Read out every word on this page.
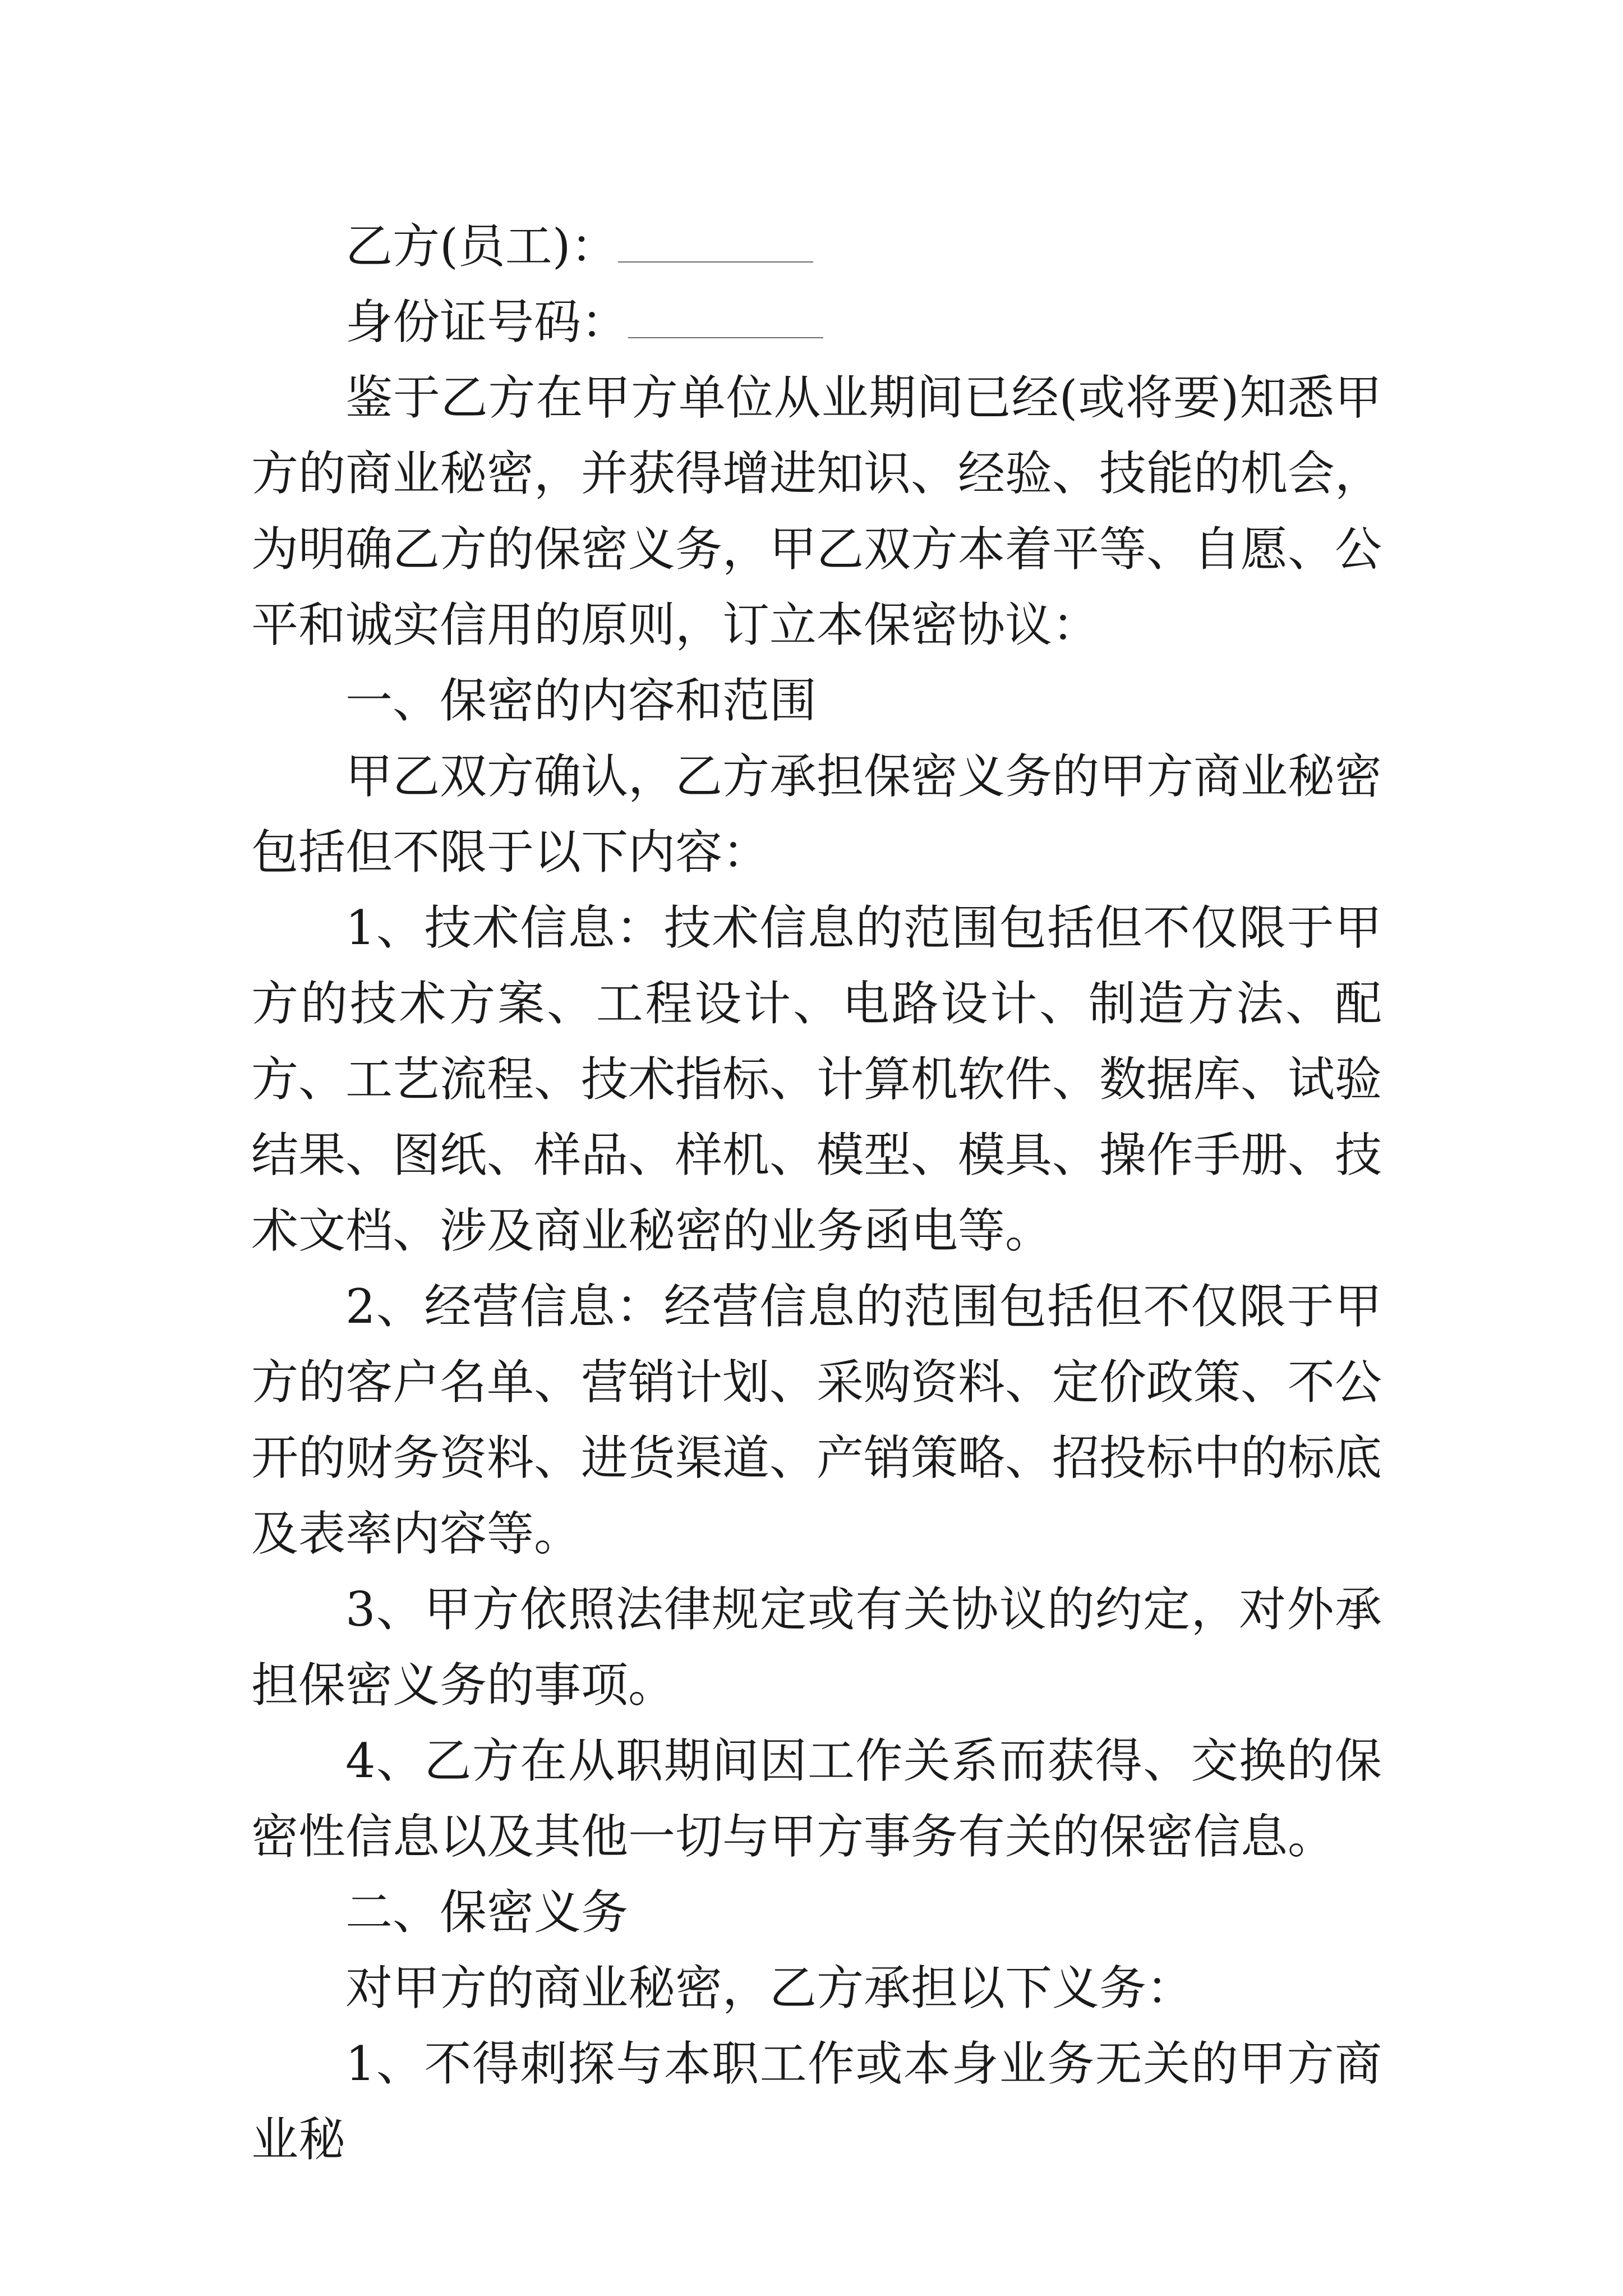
乙方(员工)：
身份证号码：

鉴于乙方在甲方单位从业期间已经(或将要)知悉甲方的商业秘密，并获得增进知识、经验、技能的机会，为明确乙方的保密义务，甲乙双方本着平等、自愿、公平和诚实信用的原则，订立本保密协议：

一、保密的内容和范围

甲乙双方确认，乙方承担保密义务的甲方商业秘密包括但不限于以下内容：

1、技术信息：技术信息的范围包括但不仅限于甲方的技术方案、工程设计、电路设计、制造方法、配方、工艺流程、技术指标、计算机软件、数据库、试验结果、图纸、样品、样机、模型、模具、操作手册、技术文档、涉及商业秘密的业务函电等。

2、经营信息：经营信息的范围包括但不仅限于甲方的客户名单、营销计划、采购资料、定价政策、不公开的财务资料、进货渠道、产销策略、招投标中的标底及表率内容等。

3、甲方依照法律规定或有关协议的约定，对外承担保密义务的事项。

4、乙方在从职期间因工作关系而获得、交换的保密性信息以及其他一切与甲方事务有关的保密信息。

二、保密义务

对甲方的商业秘密，乙方承担以下义务：

1、不得刺探与本职工作或本身业务无关的甲方商业秘
